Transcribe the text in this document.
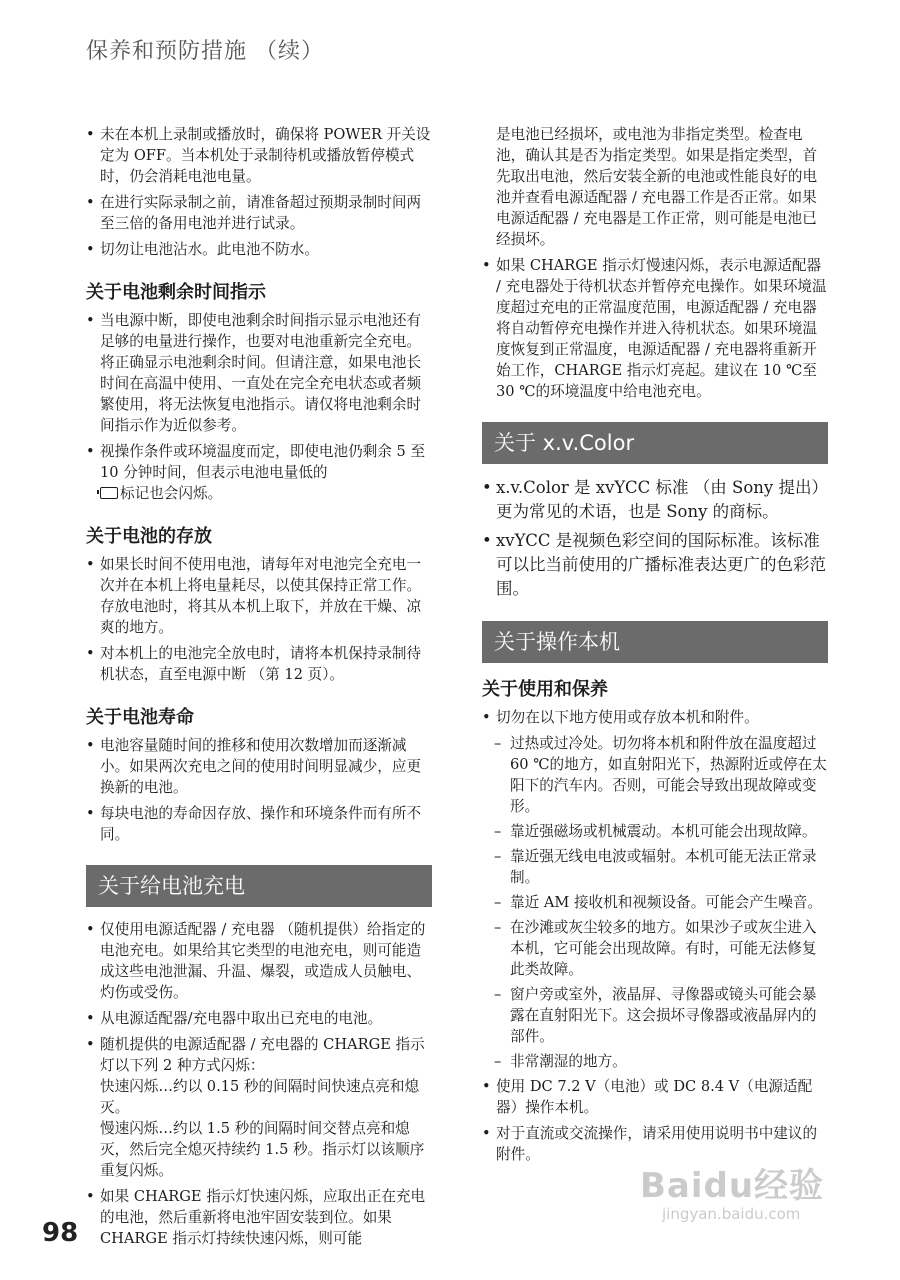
保养和预防措施 （续）
• 未在本机上录制或播放时，确保将 POWER 开关设定为 OFF。当本机处于录制待机或播放暂停模式时，仍会消耗电池电量。
• 在进行实际录制之前，请准备超过预期录制时间两至三倍的备用电池并进行试录。
• 切勿让电池沾水。此电池不防水。
关于电池剩余时间指示
• 当电源中断，即使电池剩余时间指示显示电池还有足够的电量进行操作，也要对电池重新完全充电。将正确显示电池剩余时间。但请注意，如果电池长时间在高温中使用、一直处在完全充电状态或者频繁使用，将无法恢复电池指示。请仅将电池剩余时间指示作为近似参考。
• 视操作条件或环境温度而定，即使电池仍剩余 5 至 10 分钟时间，但表示电池电量低的
标记也会闪烁。
关于电池的存放
• 如果长时间不使用电池，请每年对电池完全充电一次并在本机上将电量耗尽，以使其保持正常工作。存放电池时，将其从本机上取下，并放在干燥、凉爽的地方。
• 对本机上的电池完全放电时，请将本机保持录制待机状态，直至电源中断 （第 12 页）。
关于电池寿命
• 电池容量随时间的推移和使用次数增加而逐渐减小。如果两次充电之间的使用时间明显减少，应更换新的电池。
• 每块电池的寿命因存放、操作和环境条件而有所不同。
关于给电池充电
• 仅使用电源适配器 / 充电器 （随机提供）给指定的电池充电。如果给其它类型的电池充电，则可能造成这些电池泄漏、升温、爆裂，或造成人员触电、灼伤或受伤。
• 从电源适配器/充电器中取出已充电的电池。
• 随机提供的电源适配器 / 充电器的 CHARGE 指示灯以下列 2 种方式闪烁：
快速闪烁…约以 0.15 秒的间隔时间快速点亮和熄灭。
慢速闪烁…约以 1.5 秒的间隔时间交替点亮和熄灭，然后完全熄灭持续约 1.5 秒。指示灯以该顺序重复闪烁。
• 如果 CHARGE 指示灯快速闪烁，应取出正在充电的电池，然后重新将电池牢固安装到位。如果 CHARGE 指示灯持续快速闪烁，则可能
是电池已经损坏，或电池为非指定类型。检查电池，确认其是否为指定类型。如果是指定类型，首先取出电池，然后安装全新的电池或性能良好的电池并查看电源适配器 / 充电器工作是否正常。如果电源适配器 / 充电器是工作正常，则可能是电池已经损坏。
• 如果 CHARGE 指示灯慢速闪烁，表示电源适配器 / 充电器处于待机状态并暂停充电操作。如果环境温度超过充电的正常温度范围，电源适配器 / 充电器将自动暂停充电操作并进入待机状态。如果环境温度恢复到正常温度，电源适配器 / 充电器将重新开始工作，CHARGE 指示灯亮起。建议在 10 ℃至 30 ℃的环境温度中给电池充电。
关于 x.v.Color
• x.v.Color 是 xvYCC 标准 （由 Sony 提出）更为常见的术语，也是 Sony 的商标。
• xvYCC 是视频色彩空间的国际标准。该标准可以比当前使用的广播标准表达更广的色彩范围。
关于操作本机
关于使用和保养
• 切勿在以下地方使用或存放本机和附件。
– 过热或过冷处。切勿将本机和附件放在温度超过 60 ℃的地方，如直射阳光下，热源附近或停在太阳下的汽车内。否则，可能会导致出现故障或变形。
– 靠近强磁场或机械震动。本机可能会出现故障。
– 靠近强无线电电波或辐射。本机可能无法正常录制。
– 靠近 AM 接收机和视频设备。可能会产生噪音。
– 在沙滩或灰尘较多的地方。如果沙子或灰尘进入本机，它可能会出现故障。有时，可能无法修复此类故障。
– 窗户旁或室外，液晶屏、寻像器或镜头可能会暴露在直射阳光下。这会损坏寻像器或液晶屏内的部件。
– 非常潮湿的地方。
• 使用 DC 7.2 V（电池）或 DC 8.4 V（电源适配器）操作本机。
• 对于直流或交流操作，请采用使用说明书中建议的附件。
98
Baidu经验
jingyan.baidu.com
